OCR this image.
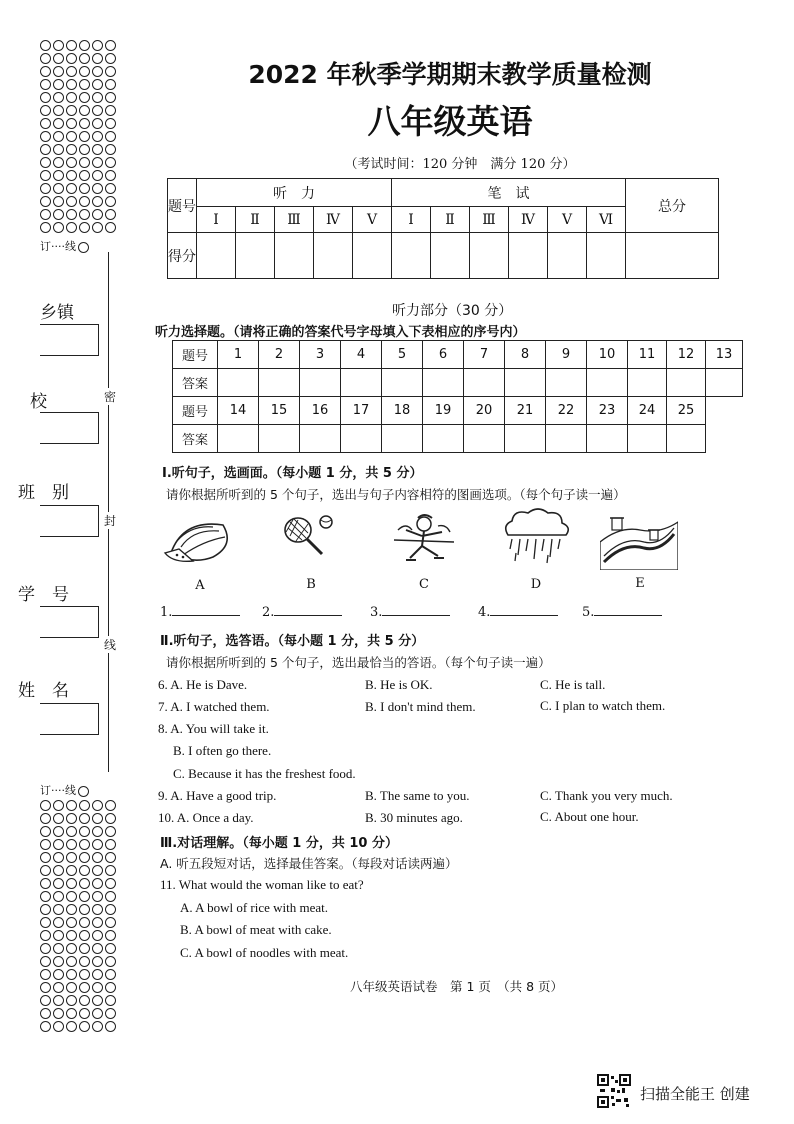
订····线
乡镇
校　
班　别
学　号
姓　名
密
封
线
订····线
2022 年秋季学期期末教学质量检测
八年级英语
（考试时间：120 分钟　满分 120 分）
题号	听　力					笔　试						总分
	Ⅰ	Ⅱ	Ⅲ	Ⅳ	Ⅴ	Ⅰ	Ⅱ	Ⅲ	Ⅳ	Ⅴ	Ⅵ	
得分												
听力部分（30 分）
听力选择题。（请将正确的答案代号字母填入下表相应的序号内）
题号	1	2	3	4	5	6	7	8	9	10	11	12	13
答案													
题号	14	15	16	17	18	19	20	21	22	23	24	25	
答案													
Ⅰ.听句子，选画面。（每小题 1 分，共 5 分）
请你根据所听到的 5 个句子，选出与句子内容相符的图画选项。（每个句子读一遍）
A	B	C	D	E
1.	2.	3.	4.	5.
Ⅱ.听句子，选答语。（每小题 1 分，共 5 分）
请你根据所听到的 5 个句子，选出最恰当的答语。（每个句子读一遍）
6. A. He is Dave.	B. He is OK.	C. He is tall.
7. A. I watched them.	B. I don't mind them.	C. I plan to watch them.
8. A. You will take it.
B. I often go there.
C. Because it has the freshest food.
9. A. Have a good trip.	B. The same to you.	C. Thank you very much.
10. A. Once a day.	B. 30 minutes ago.	C. About one hour.
Ⅲ.对话理解。（每小题 1 分，共 10 分）
A. 听五段短对话，选择最佳答案。（每段对话读两遍）
11. What would the woman like to eat?
A. A bowl of rice with meat.
B. A bowl of meat with cake.
C. A bowl of noodles with meat.
八年级英语试卷　第 1 页　（共 8 页）
扫描全能王 创建
